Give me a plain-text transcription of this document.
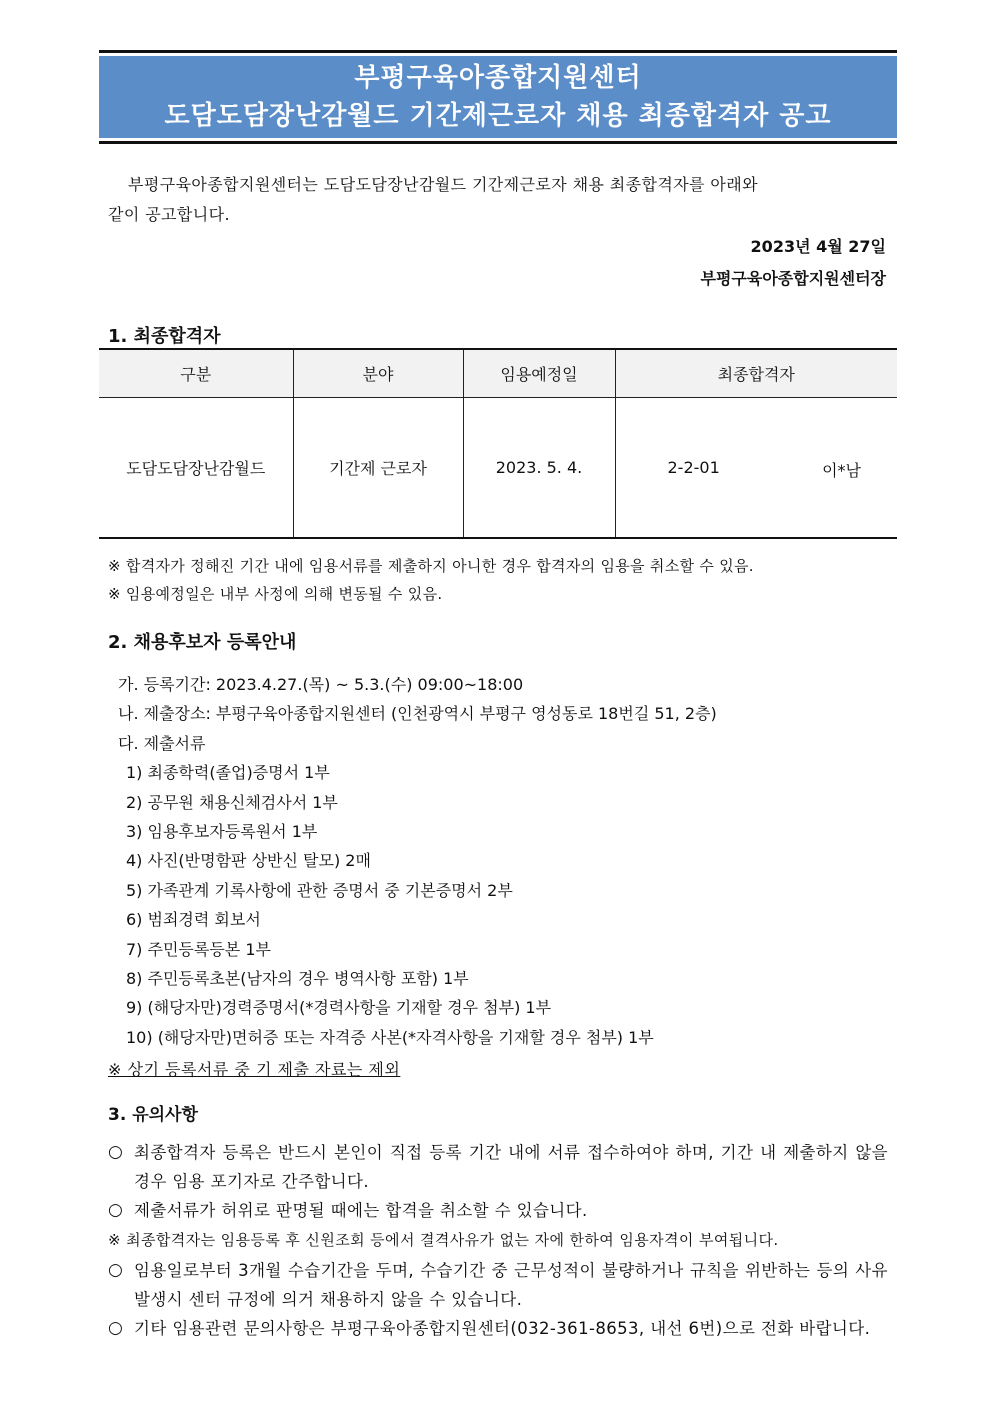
부평구육아종합지원센터
도담도담장난감월드 기간제근로자 채용 최종합격자 공고
부평구육아종합지원센터는 도담도담장난감월드 기간제근로자 채용 최종합격자를 아래와
같이 공고합니다.
2023년 4월 27일
부평구육아종합지원센터장
1. 최종합격자
구분	분야	임용예정일	최종합격자
도담도담장난감월드	기간제 근로자	2023. 5. 4.	2-2-01 이*남
※ 합격자가 정해진 기간 내에 임용서류를 제출하지 아니한 경우 합격자의 임용을 취소할 수 있음.
※ 임용예정일은 내부 사정에 의해 변동될 수 있음.
2. 채용후보자 등록안내
가. 등록기간: 2023.4.27.(목) ~ 5.3.(수) 09:00~18:00
나. 제출장소: 부평구육아종합지원센터 (인천광역시 부평구 영성동로 18번길 51, 2층)
다. 제출서류
1) 최종학력(졸업)증명서 1부
2) 공무원 채용신체검사서 1부
3) 임용후보자등록원서 1부
4) 사진(반명함판 상반신 탈모) 2매
5) 가족관계 기록사항에 관한 증명서 중 기본증명서 2부
6) 범죄경력 회보서
7) 주민등록등본 1부
8) 주민등록초본(남자의 경우 병역사항 포함) 1부
9) (해당자만)경력증명서(*경력사항을 기재할 경우 첨부) 1부
10) (해당자만)면허증 또는 자격증 사본(*자격사항을 기재할 경우 첨부) 1부
※ 상기 등록서류 중 기 제출 자료는 제외
3. 유의사항
○ 최종합격자 등록은 반드시 본인이 직접 등록 기간 내에 서류 접수하여야 하며, 기간 내 제출하지 않을 경우 임용 포기자로 간주합니다.
○ 제출서류가 허위로 판명될 때에는 합격을 취소할 수 있습니다.
※ 최종합격자는 임용등록 후 신원조회 등에서 결격사유가 없는 자에 한하여 임용자격이 부여됩니다.
○ 임용일로부터 3개월 수습기간을 두며, 수습기간 중 근무성적이 불량하거나 규칙을 위반하는 등의 사유 발생시 센터 규정에 의거 채용하지 않을 수 있습니다.
○ 기타 임용관련 문의사항은 부평구육아종합지원센터(032-361-8653, 내선 6번)으로 전화 바랍니다.
